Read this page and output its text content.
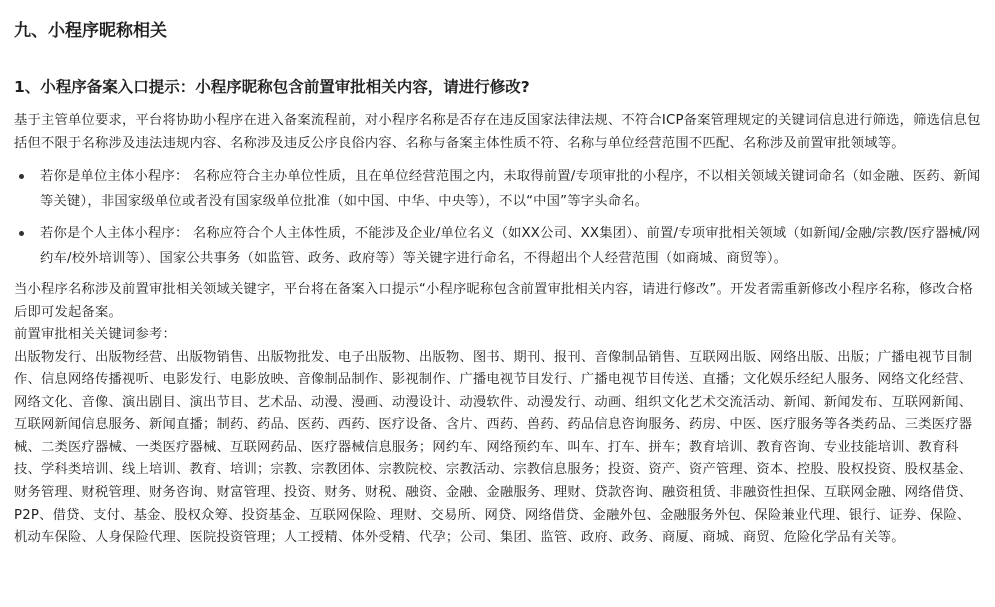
九、小程序昵称相关
1、小程序备案入口提示：小程序昵称包含前置审批相关内容，请进行修改?

基于主管单位要求，平台将协助小程序在进入备案流程前，对小程序名称是否存在违反国家法律法规、不符合ICP备案管理规定的关键词信息进行筛选，筛选信息包括但不限于名称涉及违法违规内容、名称涉及违反公序良俗内容、名称与备案主体性质不符、名称与单位经营范围不匹配、名称涉及前置审批领域等。

若你是单位主体小程序： 名称应符合主办单位性质，且在单位经营范围之内，未取得前置/专项审批的小程序，不以相关领域关键词命名（如金融、医药、新闻等关键），非国家级单位或者没有国家级单位批准（如中国、中华、中央等），不以“中国”等字头命名。
若你是个人主体小程序： 名称应符合个人主体性质，不能涉及企业/单位名义（如XX公司、XX集团）、前置/专项审批相关领域（如新闻/金融/宗教/医疗器械/网约车/校外培训等）、国家公共事务（如监管、政务、政府等）等关键字进行命名，不得超出个人经营范围（如商城、商贸等）。

当小程序名称涉及前置审批相关领域关键字，平台将在备案入口提示“小程序昵称包含前置审批相关内容，请进行修改”。开发者需重新修改小程序名称，修改合格后即可发起备案。

前置审批相关关键词参考：

出版物发行、出版物经营、出版物销售、出版物批发、电子出版物、出版物、图书、期刊、报刊、音像制品销售、互联网出版、网络出版、出版；广播电视节目制作、信息网络传播视听、电影发行、电影放映、音像制品制作、影视制作、广播电视节目发行、广播电视节目传送、直播；文化娱乐经纪人服务、网络文化经营、网络文化、音像、演出剧目、演出节目、艺术品、动漫、漫画、动漫设计、动漫软件、动漫发行、动画、组织文化艺术交流活动、新闻、新闻发布、互联网新闻、互联网新闻信息服务、新闻直播；制药、药品、医药、西药、医疗设备、含片、西药、兽药、药品信息咨询服务、药房、中医、医疗服务等各类药品、三类医疗器械、二类医疗器械、一类医疗器械、互联网药品、医疗器械信息服务；网约车、网络预约车、叫车、打车、拼车；教育培训、教育咨询、专业技能培训、教育科技、学科类培训、线上培训、教育、培训；宗教、宗教团体、宗教院校、宗教活动、宗教信息服务；投资、资产、资产管理、资本、控股、股权投资、股权基金、财务管理、财税管理、财务咨询、财富管理、投资、财务、财税、融资、金融、金融服务、理财、贷款咨询、融资租赁、非融资性担保、互联网金融、网络借贷、P2P、借贷、支付、基金、股权众筹、投资基金、互联网保险、理财、交易所、网贷、网络借贷、金融外包、金融服务外包、保险兼业代理、银行、证券、保险、机动车保险、人身保险代理、医院投资管理；人工授精、体外受精、代孕；公司、集团、监管、政府、政务、商厦、商城、商贸、危险化学品有关等。
